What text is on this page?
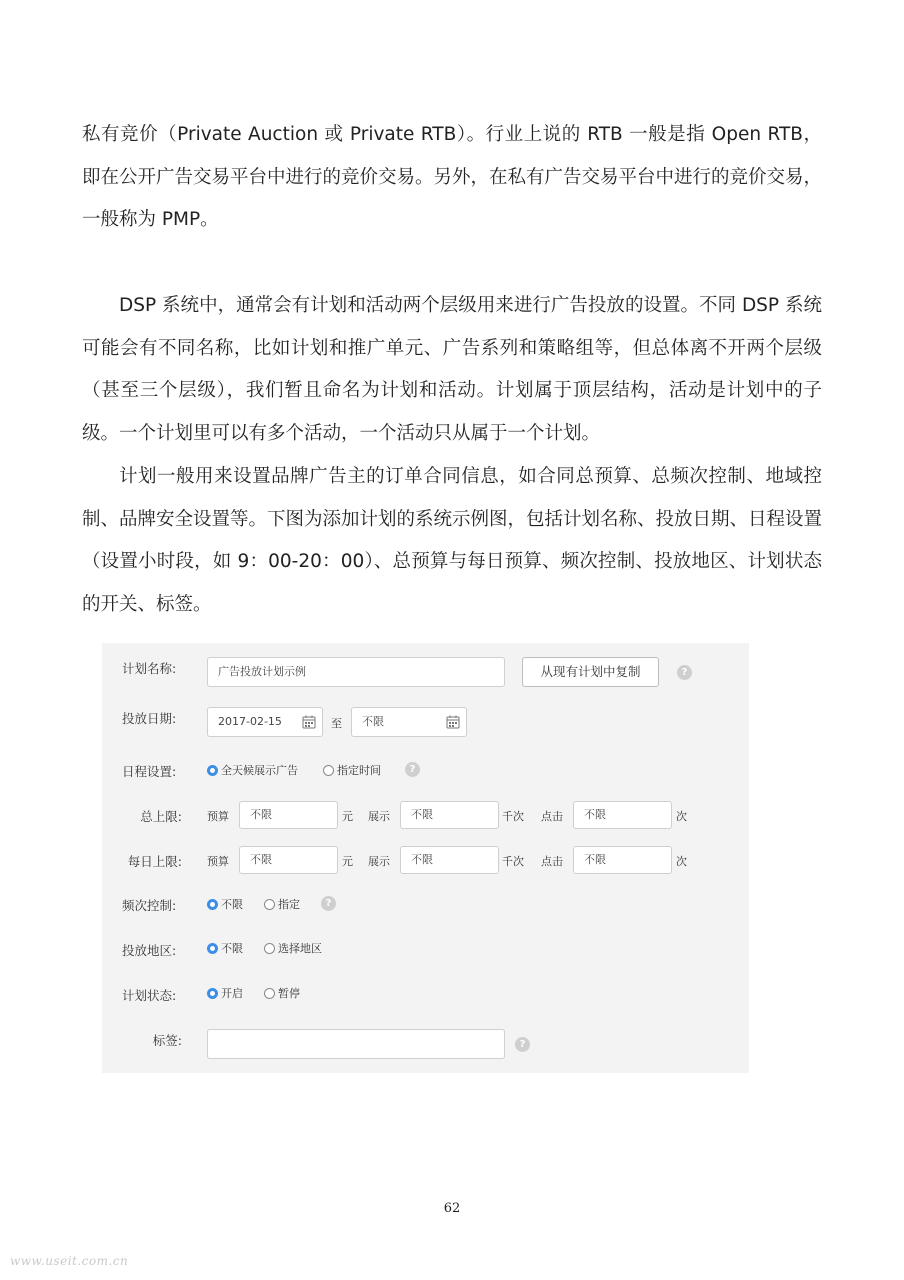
私有竞价（Private Auction 或 Private RTB）。行业上说的 RTB 一般是指 Open RTB，即在公开广告交易平台中进行的竞价交易。另外，在私有广告交易平台中进行的竞价交易，一般称为 PMP。

DSP 系统中，通常会有计划和活动两个层级用来进行广告投放的设置。不同 DSP 系统可能会有不同名称，比如计划和推广单元、广告系列和策略组等，但总体离不开两个层级（甚至三个层级），我们暂且命名为计划和活动。计划属于顶层结构，活动是计划中的子级。一个计划里可以有多个活动，一个活动只从属于一个计划。

计划一般用来设置品牌广告主的订单合同信息，如合同总预算、总频次控制、地域控制、品牌安全设置等。下图为添加计划的系统示例图，包括计划名称、投放日期、日程设置（设置小时段，如 9：00-20：00）、总预算与每日预算、频次控制、投放地区、计划状态的开关、标签。

计划名称:	广告投放计划示例	从现有计划中复制	?
投放日期:	2017-02-15	至	不限
日程设置:	全天候展示广告	指定时间	?
总上限: 预算	不限	元 展示	不限	千次 点击	不限	次
每日上限: 预算	不限	元 展示	不限	千次 点击	不限	次
频次控制:	不限	指定	?
投放地区:	不限	选择地区
计划状态:	开启	暂停
标签:	?
62
www.useit.com.cn
